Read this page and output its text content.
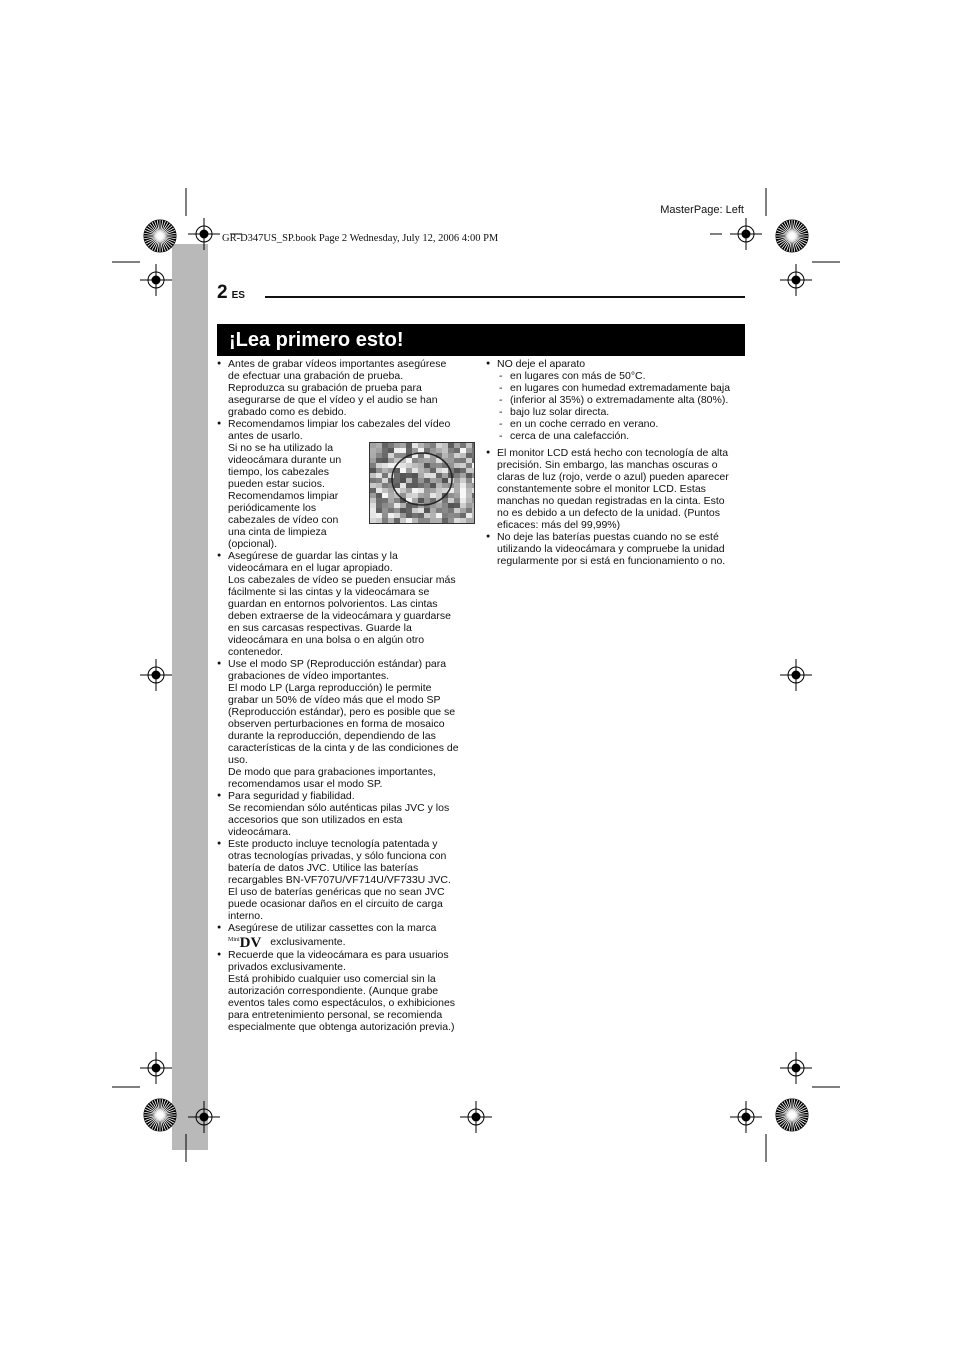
MasterPage: Left
GR-D347US_SP.book Page 2 Wednesday, July 12, 2006 4:00 PM
2 ES
¡Lea primero esto!
● Antes de grabar vídeos importantes asegúrese
de efectuar una grabación de prueba.
Reproduzca su grabación de prueba para
asegurarse de que el vídeo y el audio se han
grabado como es debido.
● Recomendamos limpiar los cabezales del vídeo
antes de usarlo.
Si no se ha utilizado la
videocámara durante un
tiempo, los cabezales
pueden estar sucios.
Recomendamos limpiar
periódicamente los
cabezales de vídeo con
una cinta de limpieza
(opcional).
● Asegúrese de guardar las cintas y la
videocámara en el lugar apropiado.
Los cabezales de vídeo se pueden ensuciar más
fácilmente si las cintas y la videocámara se
guardan en entornos polvorientos. Las cintas
deben extraerse de la videocámara y guardarse
en sus carcasas respectivas. Guarde la
videocámara en una bolsa o en algún otro
contenedor.
● Use el modo SP (Reproducción estándar) para
grabaciones de vídeo importantes.
El modo LP (Larga reproducción) le permite
grabar un 50% de vídeo más que el modo SP
(Reproducción estándar), pero es posible que se
observen perturbaciones en forma de mosaico
durante la reproducción, dependiendo de las
características de la cinta y de las condiciones de
uso.
De modo que para grabaciones importantes,
recomendamos usar el modo SP.
● Para seguridad y fiabilidad.
Se recomiendan sólo auténticas pilas JVC y los
accesorios que son utilizados en esta
videocámara.
● Este producto incluye tecnología patentada y
otras tecnologías privadas, y sólo funciona con
batería de datos JVC. Utilice las baterías
recargables BN-VF707U/VF714U/VF733U JVC.
El uso de baterías genéricas que no sean JVC
puede ocasionar daños en el circuito de carga
interno.
● Asegúrese de utilizar cassettes con la marca
$^{Mini}$DV exclusivamente.
● Recuerde que la videocámara es para usuarios
privados exclusivamente.
Está prohibido cualquier uso comercial sin la
autorización correspondiente. (Aunque grabe
eventos tales como espectáculos, o exhibiciones
para entretenimiento personal, se recomienda
especialmente que obtenga autorización previa.)
● NO deje el aparato
- en lugares con más de 50°C.
- en lugares con humedad extremadamente baja
- (inferior al 35%) o extremadamente alta (80%).
- bajo luz solar directa.
- en un coche cerrado en verano.
- cerca de una calefacción.
● El monitor LCD está hecho con tecnología de alta
precisión. Sin embargo, las manchas oscuras o
claras de luz (rojo, verde o azul) pueden aparecer
constantemente sobre el monitor LCD. Estas
manchas no quedan registradas en la cinta. Esto
no es debido a un defecto de la unidad. (Puntos
eficaces: más del 99,99%)
● No deje las baterías puestas cuando no se esté
utilizando la videocámara y compruebe la unidad
regularmente por si está en funcionamiento o no.
